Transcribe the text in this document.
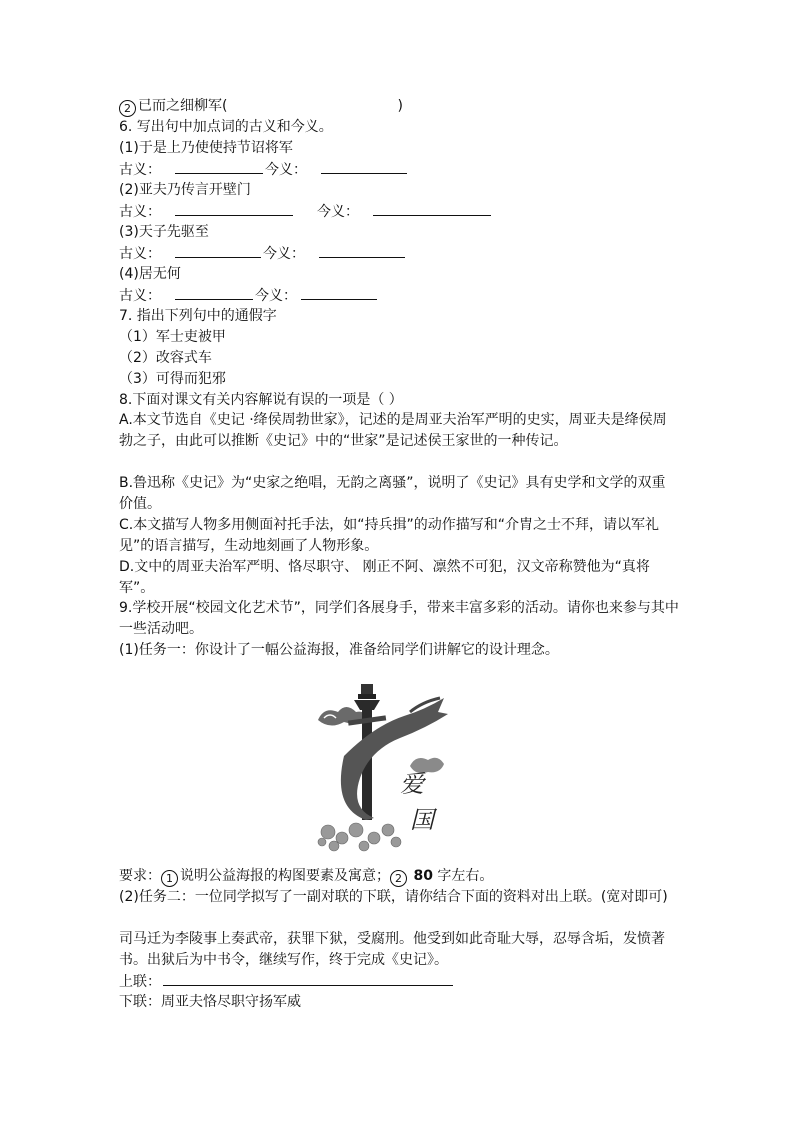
2 已而之细柳军(	)
6. 写出句中加点词的古义和今义。
(1)于是上乃使使持节诏将军
古义：	今义：
(2)亚夫乃传言开壁门
古义：	今义：
(3)天子先驱至
古义：	今义：
(4)居无何
古义：	今义：
7. 指出下列句中的通假字
（1）军士吏被甲
（2）改容式车
（3）可得而犯邪
8.下面对课文有关内容解说有误的一项是（ ）
A.本文节选自《史记 ·绛侯周勃世家》，记述的是周亚夫治军严明的史实，周亚夫是绛侯周勃之子，由此可以推断《史记》中的“世家”是记述侯王家世的一种传记。
B.鲁迅称《史记》为“史家之绝唱，无韵之离骚”，说明了《史记》具有史学和文学的双重价值。
C.本文描写人物多用侧面衬托手法，如“持兵揖”的动作描写和“介胄之士不拜，请以军礼见”的语言描写，生动地刻画了人物形象。
D.文中的周亚夫治军严明、恪尽职守、 刚正不阿、凛然不可犯，汉文帝称赞他为“真将军”。
9.学校开展“校园文化艺术节”，同学们各展身手，带来丰富多彩的活动。请你也来参与其中一些活动吧。
(1)任务一：你设计了一幅公益海报，准备给同学们讲解它的设计理念。
爱
国
要求： 1 说明公益海报的构图要素及寓意； 2 80 字左右。
(2)任务二：一位同学拟写了一副对联的下联，请你结合下面的资料对出上联。(宽对即可)
司马迁为李陵事上奏武帝，获罪下狱，受腐刑。他受到如此奇耻大辱，忍辱含垢，发愤著书。出狱后为中书令，继续写作，终于完成《史记》。
上联：
下联：周亚夫恪尽职守扬军威
